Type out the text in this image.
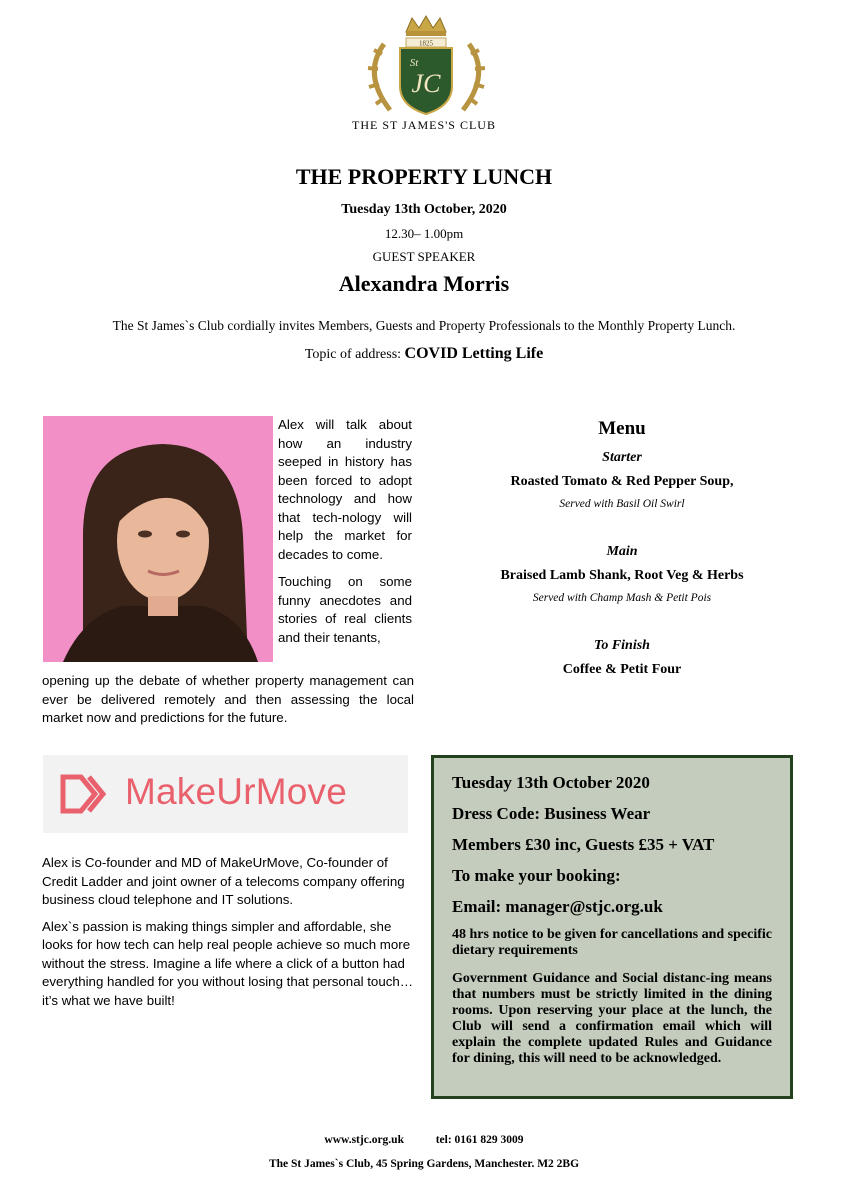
1825
JC
St
THE ST JAMES'S CLUB
THE PROPERTY LUNCH
Tuesday 13th October, 2020
12.30– 1.00pm
GUEST SPEAKER
Alexandra Morris
The St James`s Club cordially invites Members, Guests and Property Professionals to the Monthly Property Lunch.
Topic of address: COVID Letting Life

Alex will talk about how an industry seeped in history has been forced to adopt technology and how that tech-nology will help the market for decades to come.

Touching on some funny anecdotes and stories of real clients and their tenants,

opening up the debate of whether property management can ever be delivered remotely and then assessing the local market now and predictions for the future.

Menu
Starter
Roasted Tomato & Red Pepper Soup,
Served with Basil Oil Swirl
Main
Braised Lamb Shank, Root Veg & Herbs
Served with Champ Mash & Petit Pois
To Finish
Coffee & Petit Four
MakeUrMove

Alex is Co-founder and MD of MakeUrMove, Co-founder of Credit Ladder and joint owner of a telecoms company offering business cloud telephone and IT solutions.

Alex`s passion is making things simpler and affordable, she looks for how tech can help real people achieve so much more without the stress. Imagine a life where a click of a button had everything handled for you without losing that personal touch…it’s what we have built!

Tuesday 13th October 2020
Dress Code: Business Wear
Members £30 inc, Guests £35 + VAT
To make your booking:
Email: manager@stjc.org.uk
48 hrs notice to be given for cancellations and specific dietary requirements
Government Guidance and Social distanc-ing means that numbers must be strictly limited in the dining rooms. Upon reserving your place at the lunch, the Club will send a confirmation email which will explain the complete updated Rules and Guidance for dining, this will need to be acknowledged.
www.stjc.org.uk	tel: 0161 829 3009
The St James`s Club, 45 Spring Gardens, Manchester. M2 2BG
